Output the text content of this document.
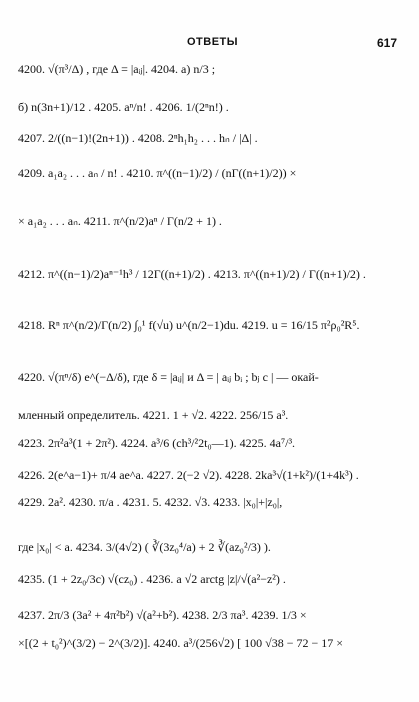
ОТВЕТЫ	617
4200. √(π³/Δ) , где Δ = |aᵢⱼ|. 4204. а) n/3 ;
б) n(3n+1)/12 . 4205. aⁿ/n! . 4206. 1/(2ⁿn!) .
4207. 2/((n−1)!(2n+1)) . 4208. 2ⁿh₁h₂ . . . hₙ / |Δ| .
4209. a₁a₂ . . . aₙ / n! . 4210. π^((n−1)/2) / (nΓ((n+1)/2)) ×
× a₁a₂ . . . aₙ. 4211. π^(n/2)aⁿ / Γ(n/2 + 1) .
4212. π^((n−1)/2)aⁿ⁻¹h³ / 12Γ((n+1)/2) . 4213. π^((n+1)/2) / Γ((n+1)/2) .
4218. Rⁿ π^(n/2)/Γ(n/2) ∫₀¹ f(√u) u^(n/2−1)du. 4219. u = 16/15 π²ρ₀²R⁵.
4220. √(πⁿ/δ) e^(−Δ/δ), где δ = |aᵢⱼ| и Δ = | aᵢⱼ bᵢ ; bⱼ c | — окай-
мленный определитель. 4221. 1 + √2. 4222. 256/15 a³.
4223. 2π²a³(1 + 2π²). 4224. a³/6 (ch³/²2t₀—1). 4225. 4a⁷/³.
4226. 2(e^a−1)+ π/4 ae^a. 4227. 2(−2 √2). 4228. 2ka³√(1+k²)/(1+4k³) .
4229. 2a². 4230. π/a . 4231. 5. 4232. √3. 4233. |x₀|+|z₀|,
где |x₀| < a. 4234. 3/(4√2) ( ∛(3z₀⁴/a) + 2 ∛(az₀²/3) ).
4235. (1 + 2z₀/3c) √(cz₀) . 4236. a √2 arctg |z|/√(a²−z²) .
4237. 2π/3 (3a² + 4π²b²) √(a²+b²). 4238. 2/3 πa³. 4239. 1/3 ×
×[(2 + t₀²)^(3/2) − 2^(3/2)]. 4240. a³/(256√2) [ 100 √38 − 72 − 17 ×
